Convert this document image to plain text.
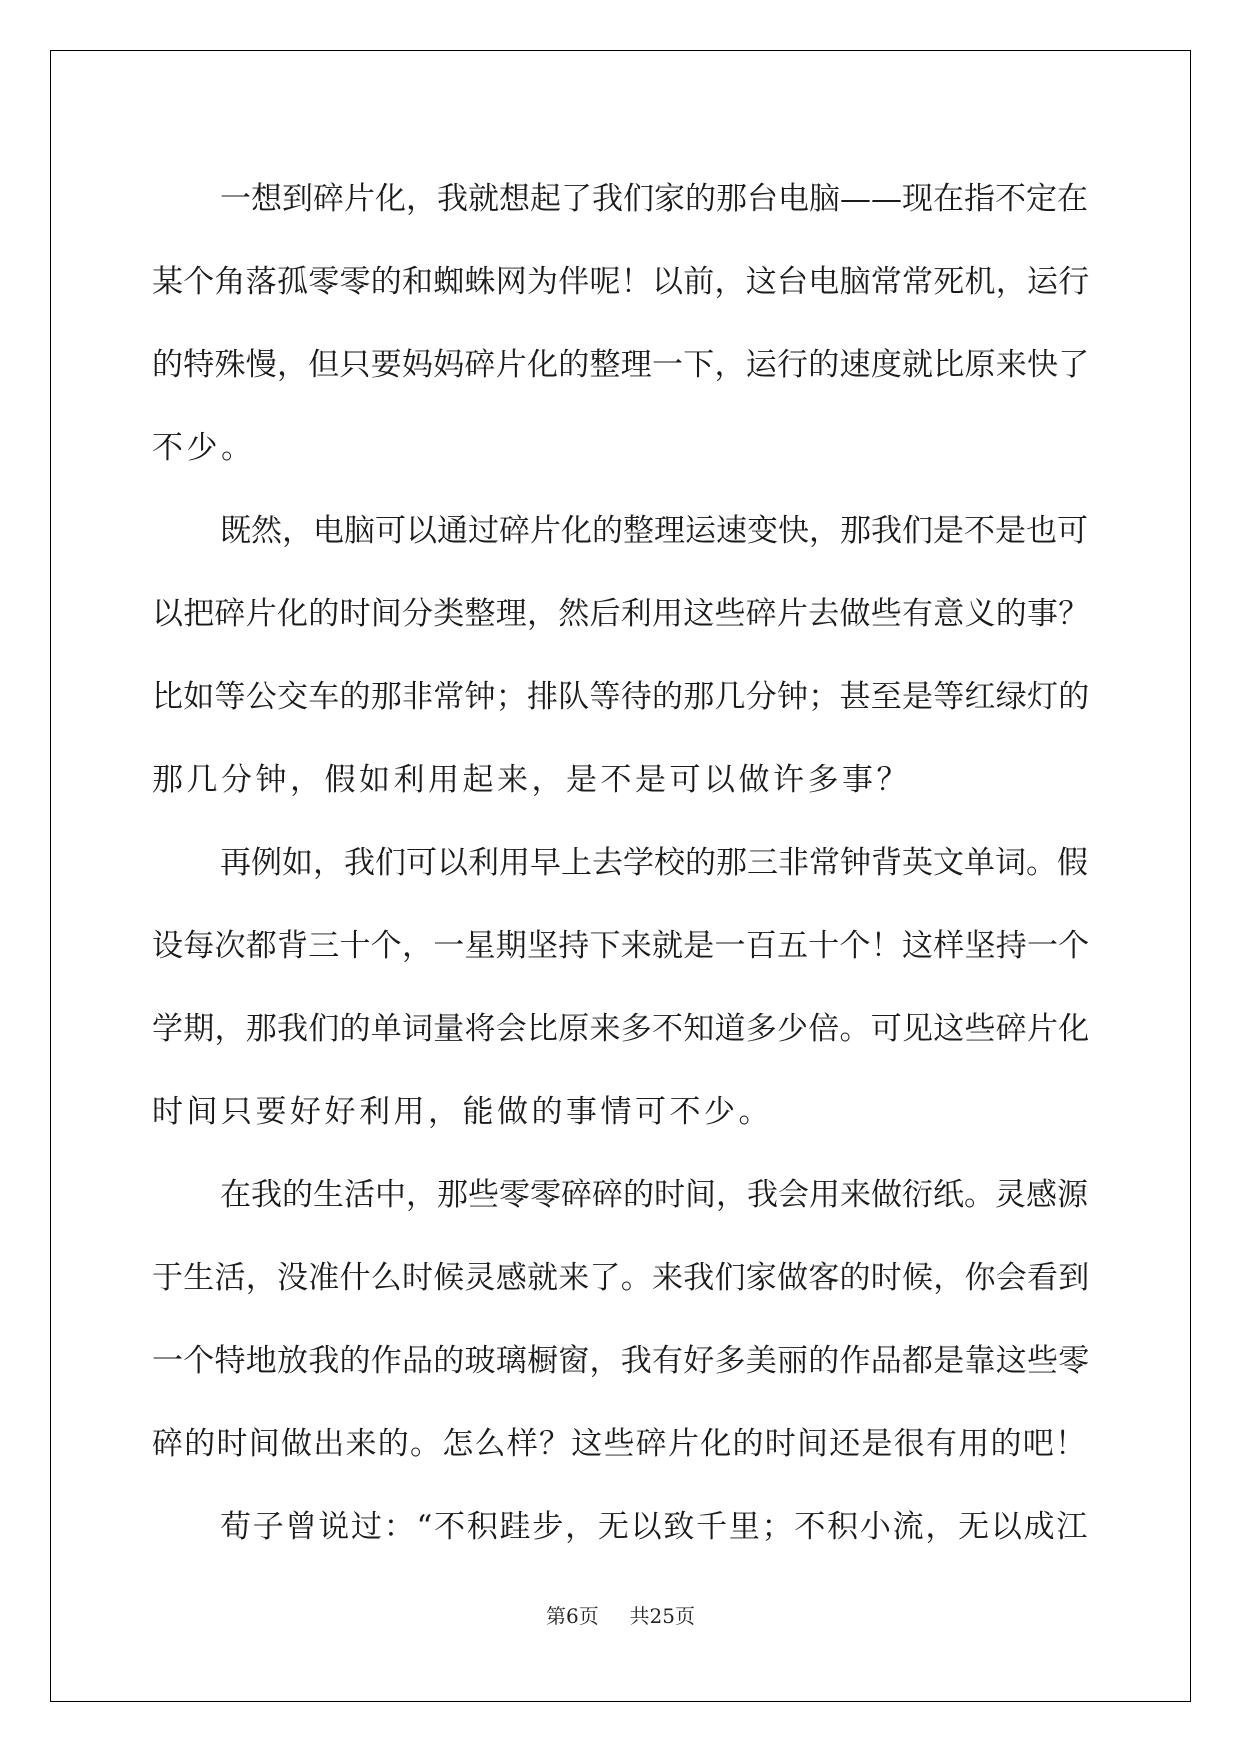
一想到碎片化，我就想起了我们家的那台电脑——现在指不定在
某个角落孤零零的和蜘蛛网为伴呢！以前，这台电脑常常死机，运行
的特殊慢，但只要妈妈碎片化的整理一下，运行的速度就比原来快了
不少。
既然，电脑可以通过碎片化的整理运速变快，那我们是不是也可
以把碎片化的时间分类整理，然后利用这些碎片去做些有意义的事？
比如等公交车的那非常钟；排队等待的那几分钟；甚至是等红绿灯的
那几分钟，假如利用起来，是不是可以做许多事？
再例如，我们可以利用早上去学校的那三非常钟背英文单词。假
设每次都背三十个，一星期坚持下来就是一百五十个！这样坚持一个
学期，那我们的单词量将会比原来多不知道多少倍。可见这些碎片化
时间只要好好利用，能做的事情可不少。
在我的生活中，那些零零碎碎的时间，我会用来做衍纸。灵感源
于生活，没准什么时候灵感就来了。来我们家做客的时候，你会看到
一个特地放我的作品的玻璃橱窗，我有好多美丽的作品都是靠这些零
碎的时间做出来的。怎么样？这些碎片化的时间还是很有用的吧！
荀子曾说过：“不积跬步，无以致千里；不积小流，无以成江
第6页 共25页
